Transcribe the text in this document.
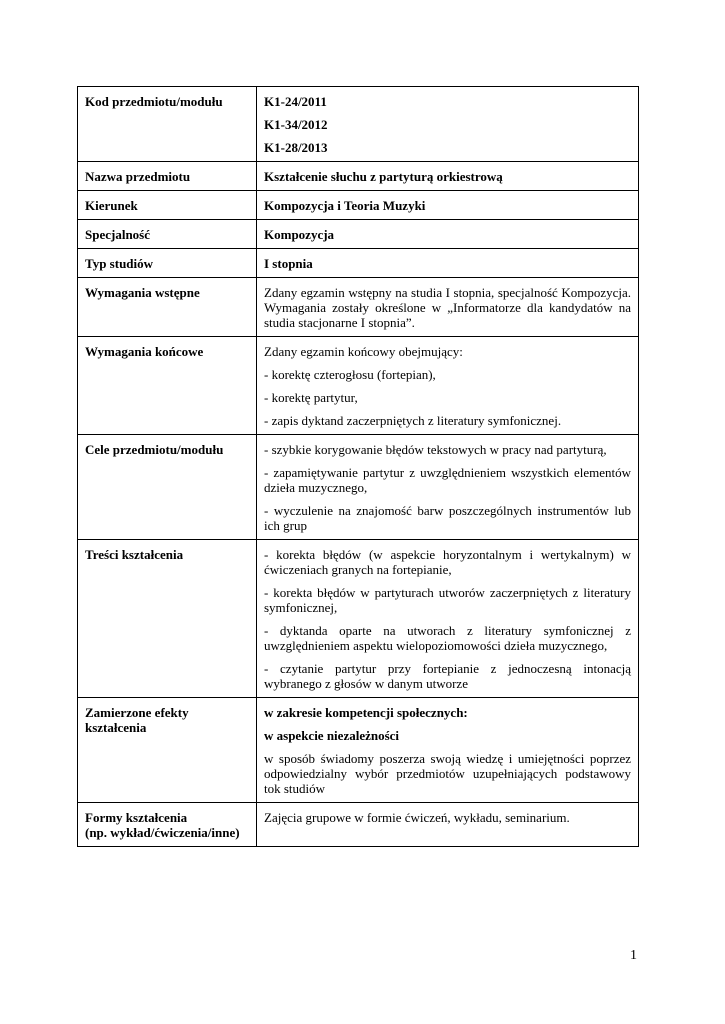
Kod przedmiotu/modułu	K1-24/2011

K1-34/2012

K1-28/2013

Nazwa przedmiotu	Kształcenie słuchu z partyturą orkiestrową

Kierunek	Kompozycja i Teoria Muzyki

Specjalność	Kompozycja

Typ studiów	I stopnia

Wymagania wstępne	Zdany egzamin wstępny na studia I stopnia, specjalność Kompozycja. Wymagania zostały określone w „Informatorze dla kandydatów na studia stacjonarne I stopnia”.

Wymagania końcowe	Zdany egzamin końcowy obejmujący:

- korektę czterogłosu (fortepian),

- korektę partytur,

- zapis dyktand zaczerpniętych z literatury symfonicznej.

Cele przedmiotu/modułu	- szybkie korygowanie błędów tekstowych w pracy nad partyturą,

- zapamiętywanie partytur z uwzględnieniem wszystkich elementów dzieła muzycznego,

- wyczulenie na znajomość barw poszczególnych instrumentów lub ich grup

Treści kształcenia	- korekta błędów (w aspekcie horyzontalnym i wertykalnym) w ćwiczeniach granych na fortepianie,

- korekta błędów w partyturach utworów zaczerpniętych z literatury symfonicznej,

- dyktanda oparte na utworach z literatury symfonicznej z uwzględnieniem aspektu wielopoziomowości dzieła muzycznego,

- czytanie partytur przy fortepianie z jednoczesną intonacją wybranego z głosów w danym utworze

Zamierzone efekty kształcenia	w zakresie kompetencji społecznych:

w aspekcie niezależności

w sposób świadomy poszerza swoją wiedzę i umiejętności poprzez odpowiedzialny wybór przedmiotów uzupełniających podstawowy tok studiów

Formy kształcenia
(np. wykład/ćwiczenia/inne)	Zajęcia grupowe w formie ćwiczeń, wykładu, seminarium.

1
